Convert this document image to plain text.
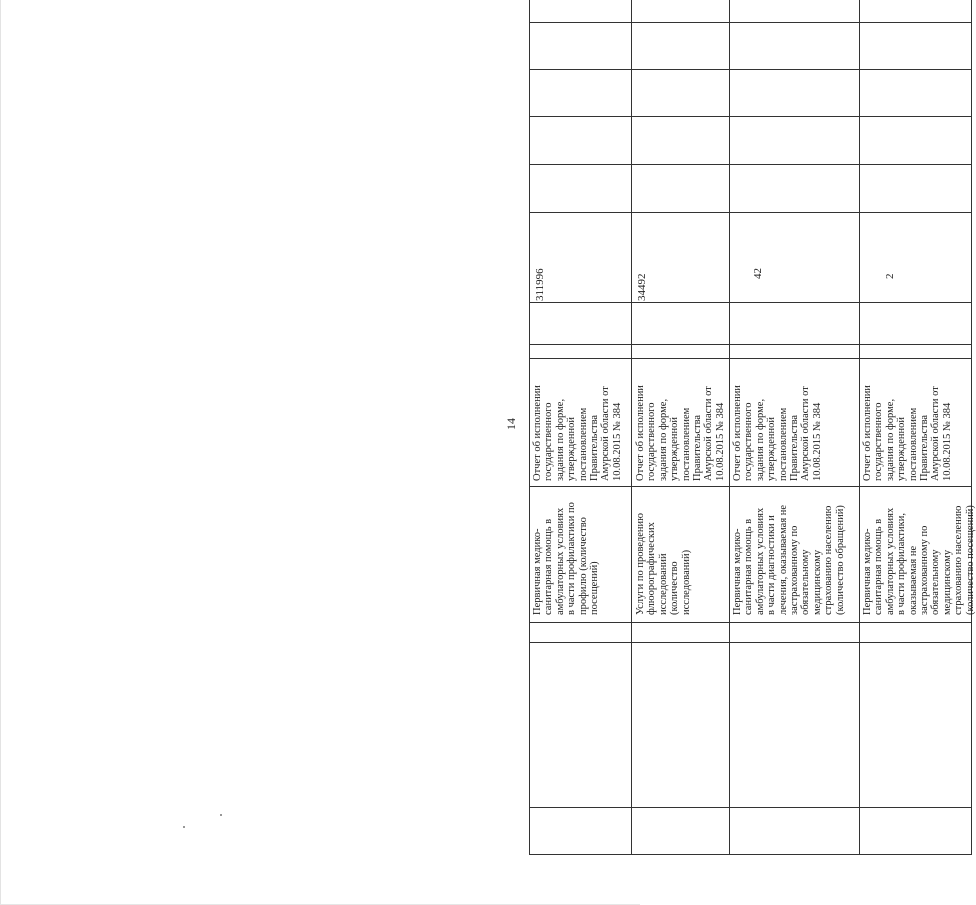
14
Первичная медико- санитарная помощь в амбулаторных условиях в части профилактики по профилю (количество посещений)
Отчет об исполнении государственного задания по форме, утвержденной постановлением Правительства Амурской области от 10.08.2015 № 384
311996
Услуги по проведению флюорографических исследований (количество исследований)
Отчет об исполнении государственного задания по форме, утвержденной постановлением Правительства Амурской области от 10.08.2015 № 384
34492
Первичная медико- санитарная помощь в амбулаторных условиях в части диагностики и лечения, оказываемая не застрахованному по обязательному медицинскому страхованию населению (количество обращений)
Отчет об исполнении государственного задания по форме, утвержденной постановлением Правительства Амурской области от 10.08.2015 № 384
42
Первичная медико- санитарная помощь в амбулаторных условиях в части профилактики, оказываемая не застрахованному по обязательному медицинскому страхованию населению (количество посещений)
Отчет об исполнении государственного задания по форме, утвержденной постановлением Правительства Амурской области от 10.08.2015 № 384
2
